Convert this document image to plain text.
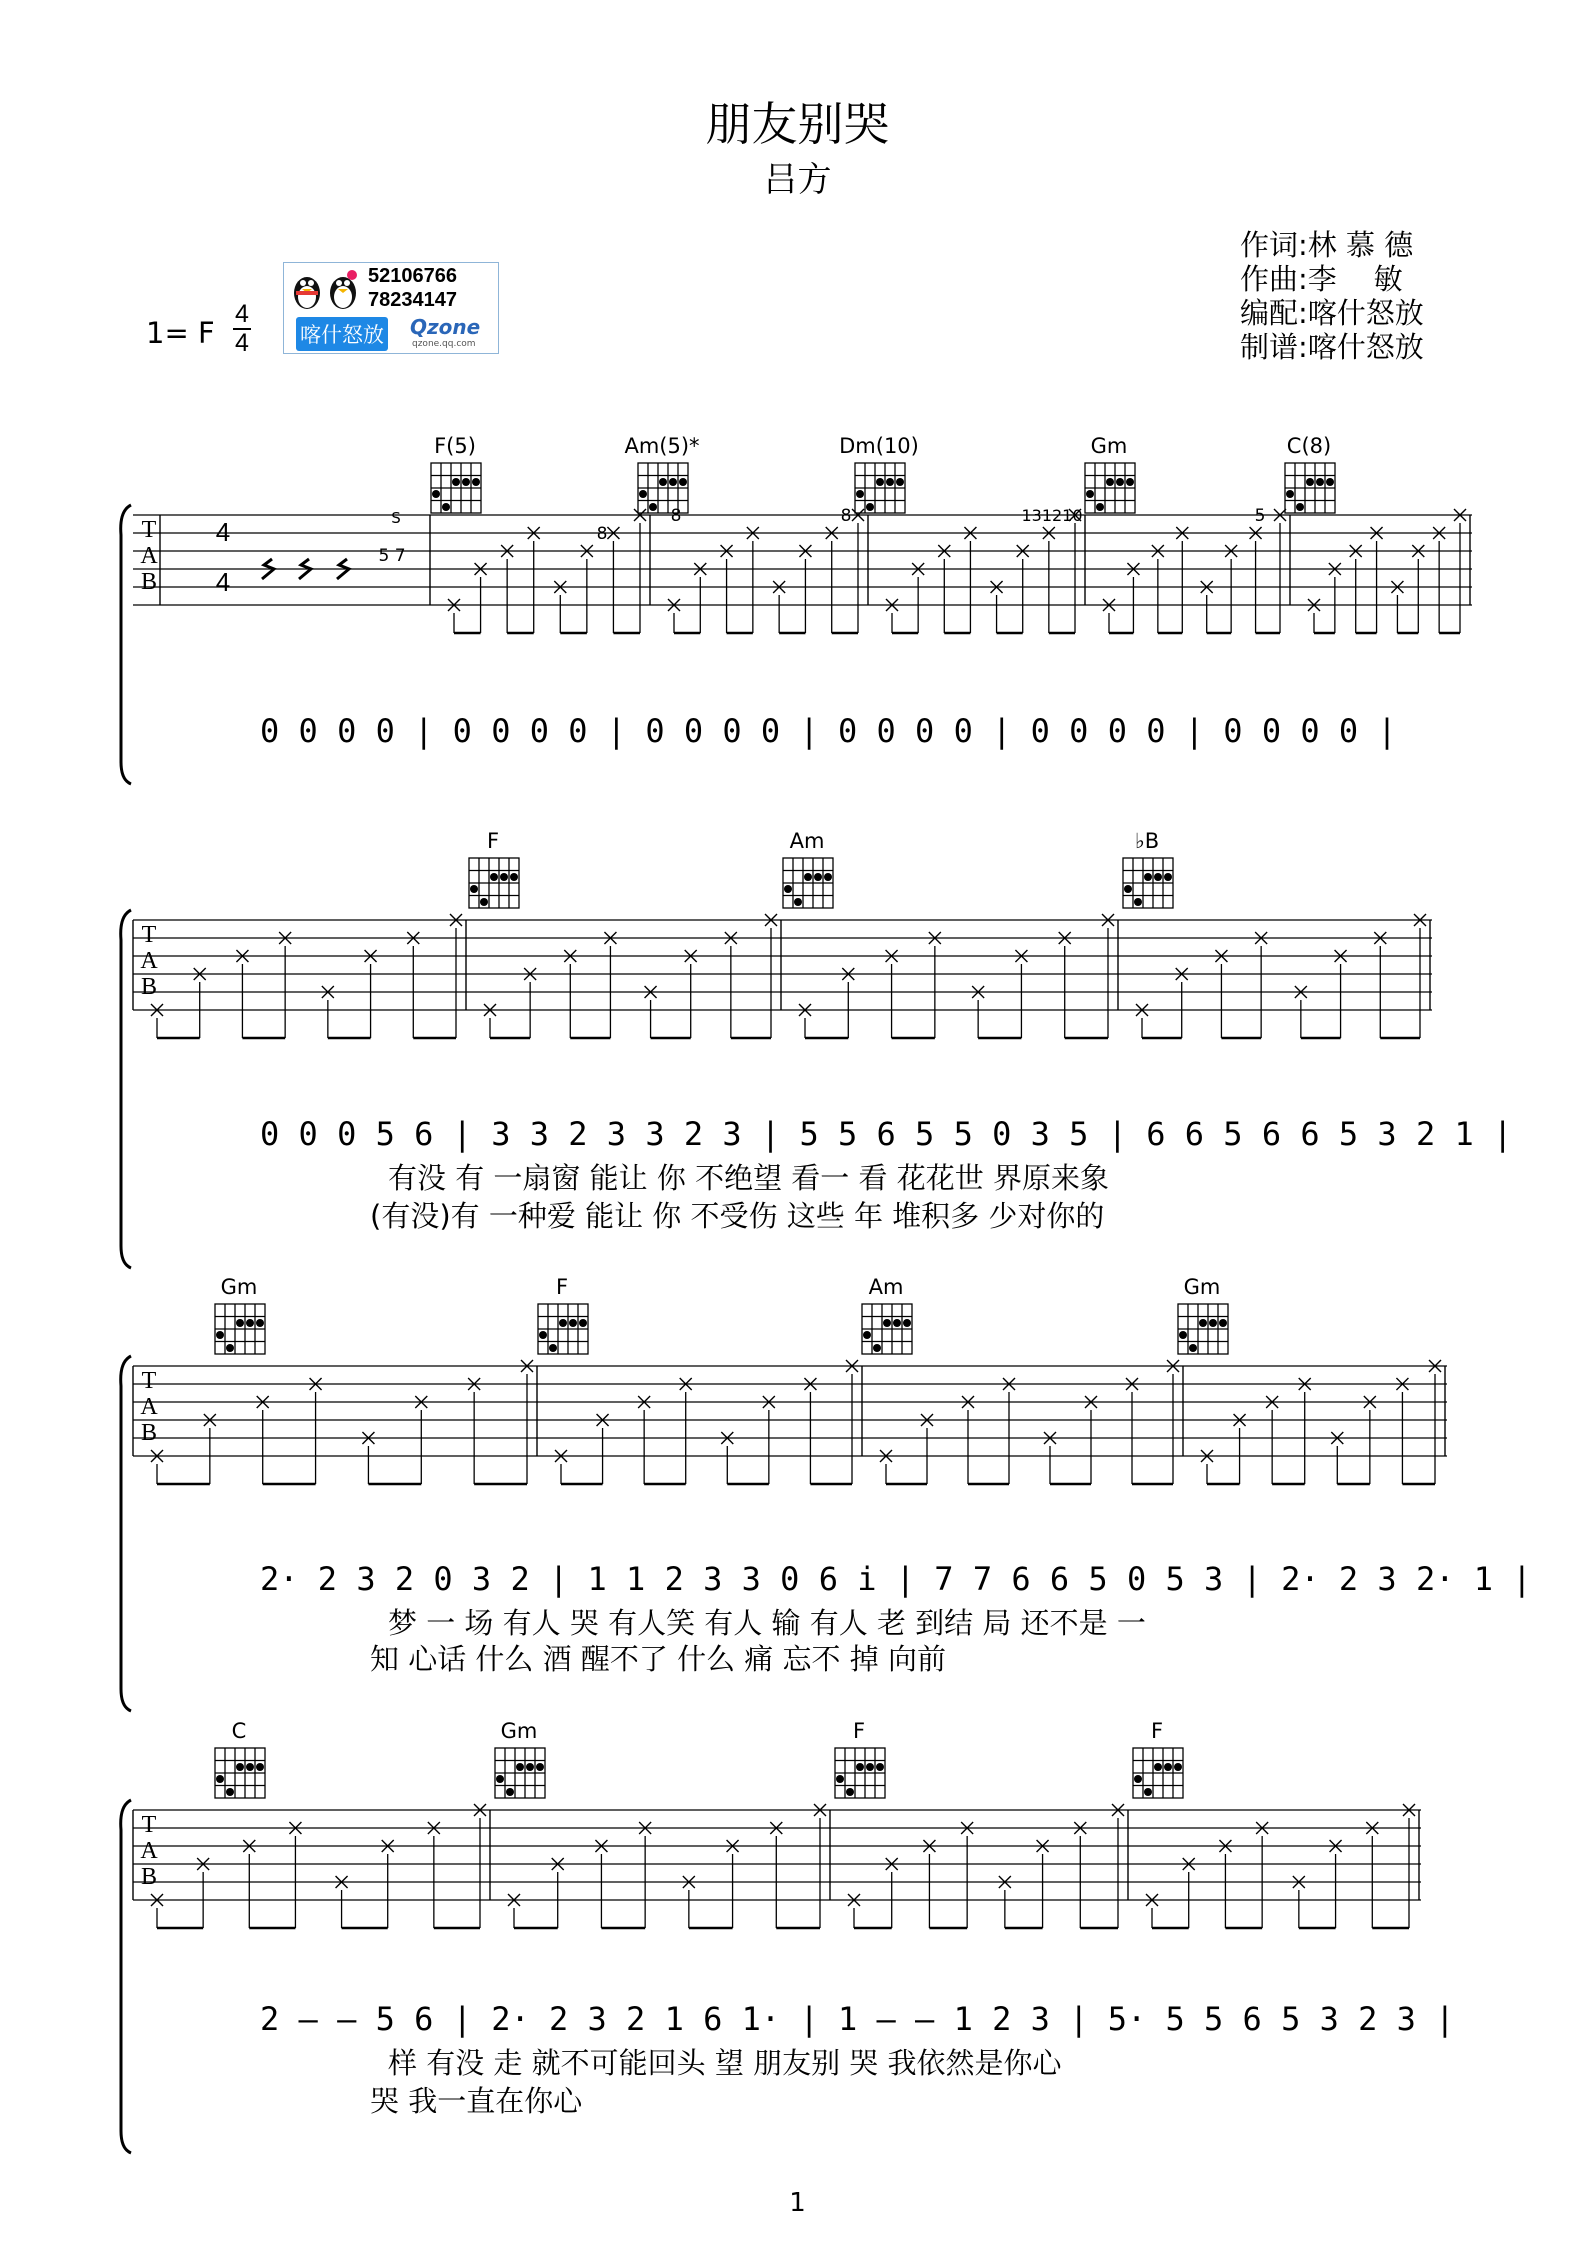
朋友别哭
吕方
作词:林 慕 德
作曲:李    敏
编配:喀什怒放
制谱:喀什怒放
1= F
4
4
52106766
78234147
喀什怒放 Qzone
qzone.qq.com
T
A
B
F(5)	Am(5)*	Dm(10)	Gm	C(8)
4
4
5 7
S
8
8	8	131210	5
0 0 0 0 | 0 0 0 0 | 0 0 0 0 | 0 0 0 0 | 0 0 0 0 | 0 0 0 0 |
T
A
B
F	Am	♭B
0 0 0 5 6 | 3 3 2 3 3 2 3 | 5 5 6 5 5 0 3 5 | 6 6 5 6 6 5 3 2 1 |
有没 有 一扇窗 能让 你 不绝望 看一 看 花花世 界原来象
(有没)有 一种爱 能让 你 不受伤 这些 年 堆积多 少对你的
T
A
B
Gm	F	Am	Gm
2· 2 3 2 0 3 2 | 1 1 2 3 3 0 6 i | 7 7 6 6 5 0 5 3 | 2· 2 3 2· 1 |
梦 一 场 有人 哭 有人笑 有人 输 有人 老 到结 局 还不是 一
知 心话 什么 酒 醒不了 什么 痛 忘不 掉 向前
T
A
B
C	Gm	F	F
2 — — 5 6 | 2· 2 3 2 1 6 1· | 1 — — 1 2 3 | 5· 5 5 6 5 3 2 3 |
样 有没 走 就不可能回头 望 朋友别 哭 我依然是你心
哭 我一直在你心
1
